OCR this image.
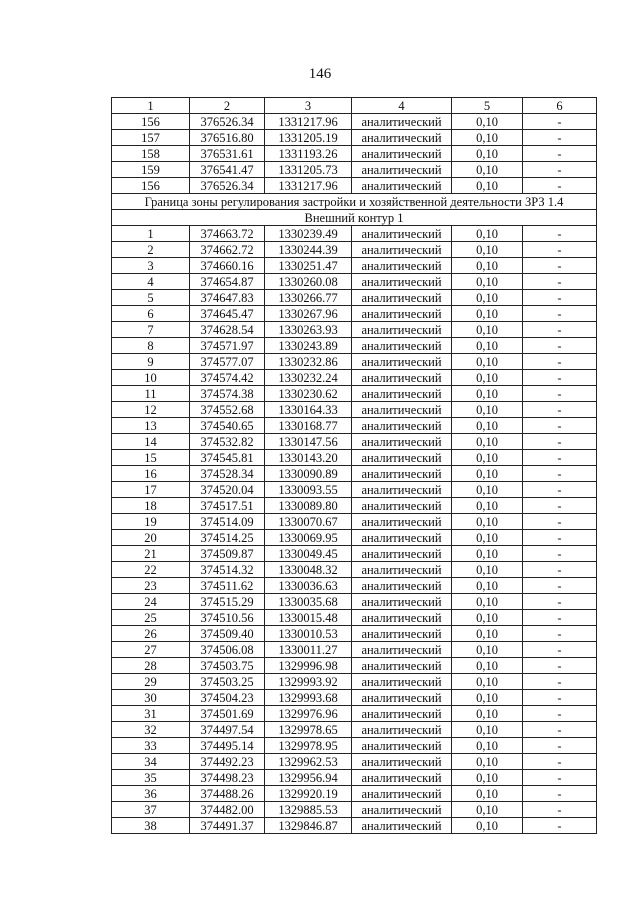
146
1	2	3	4	5	6
156	376526.34	1331217.96	аналитический	0,10	-
157	376516.80	1331205.19	аналитический	0,10	-
158	376531.61	1331193.26	аналитический	0,10	-
159	376541.47	1331205.73	аналитический	0,10	-
156	376526.34	1331217.96	аналитический	0,10	-
Граница зоны регулирования застройки и хозяйственной деятельности ЗРЗ 1.4					
Внешний контур 1					
1	374663.72	1330239.49	аналитический	0,10	-
2	374662.72	1330244.39	аналитический	0,10	-
3	374660.16	1330251.47	аналитический	0,10	-
4	374654.87	1330260.08	аналитический	0,10	-
5	374647.83	1330266.77	аналитический	0,10	-
6	374645.47	1330267.96	аналитический	0,10	-
7	374628.54	1330263.93	аналитический	0,10	-
8	374571.97	1330243.89	аналитический	0,10	-
9	374577.07	1330232.86	аналитический	0,10	-
10	374574.42	1330232.24	аналитический	0,10	-
11	374574.38	1330230.62	аналитический	0,10	-
12	374552.68	1330164.33	аналитический	0,10	-
13	374540.65	1330168.77	аналитический	0,10	-
14	374532.82	1330147.56	аналитический	0,10	-
15	374545.81	1330143.20	аналитический	0,10	-
16	374528.34	1330090.89	аналитический	0,10	-
17	374520.04	1330093.55	аналитический	0,10	-
18	374517.51	1330089.80	аналитический	0,10	-
19	374514.09	1330070.67	аналитический	0,10	-
20	374514.25	1330069.95	аналитический	0,10	-
21	374509.87	1330049.45	аналитический	0,10	-
22	374514.32	1330048.32	аналитический	0,10	-
23	374511.62	1330036.63	аналитический	0,10	-
24	374515.29	1330035.68	аналитический	0,10	-
25	374510.56	1330015.48	аналитический	0,10	-
26	374509.40	1330010.53	аналитический	0,10	-
27	374506.08	1330011.27	аналитический	0,10	-
28	374503.75	1329996.98	аналитический	0,10	-
29	374503.25	1329993.92	аналитический	0,10	-
30	374504.23	1329993.68	аналитический	0,10	-
31	374501.69	1329976.96	аналитический	0,10	-
32	374497.54	1329978.65	аналитический	0,10	-
33	374495.14	1329978.95	аналитический	0,10	-
34	374492.23	1329962.53	аналитический	0,10	-
35	374498.23	1329956.94	аналитический	0,10	-
36	374488.26	1329920.19	аналитический	0,10	-
37	374482.00	1329885.53	аналитический	0,10	-
38	374491.37	1329846.87	аналитический	0,10	-
